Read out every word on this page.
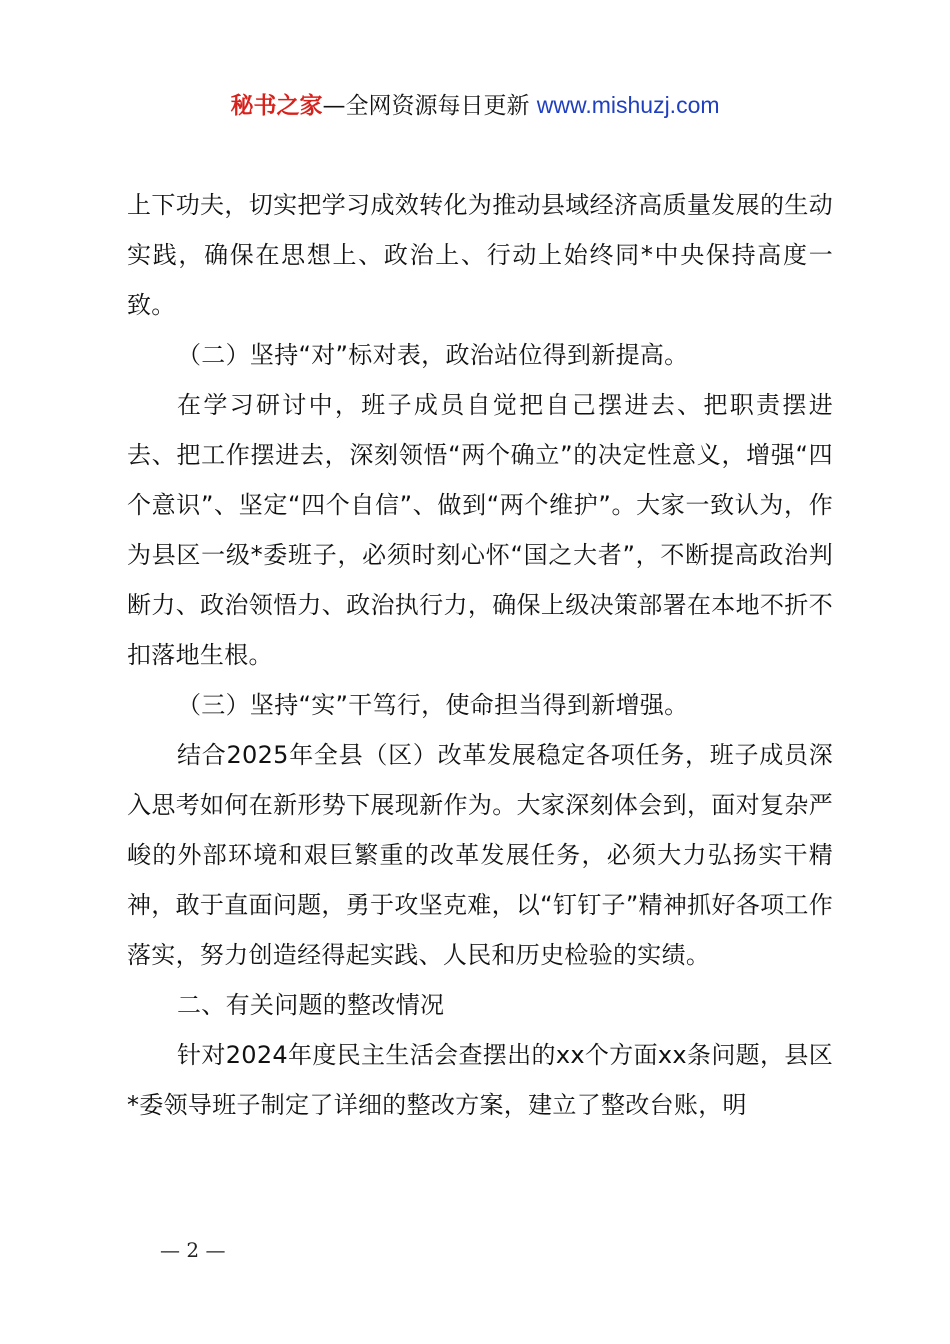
秘书之家—全网资源每日更新 www.mishuzj.com

上下功夫，切实把学习成效转化为推动县域经济高质量发展的生动实践，确保在思想上、政治上、行动上始终同*中央保持高度一致。

（二）坚持“对”标对表，政治站位得到新提高。

在学习研讨中，班子成员自觉把自己摆进去、把职责摆进去、把工作摆进去，深刻领悟“两个确立”的决定性意义，增强“四个意识”、坚定“四个自信”、做到“两个维护”。大家一致认为，作为县区一级*委班子，必须时刻心怀“国之大者”，不断提高政治判断力、政治领悟力、政治执行力，确保上级决策部署在本地不折不扣落地生根。

（三）坚持“实”干笃行，使命担当得到新增强。

结合2025年全县（区）改革发展稳定各项任务，班子成员深入思考如何在新形势下展现新作为。大家深刻体会到，面对复杂严峻的外部环境和艰巨繁重的改革发展任务，必须大力弘扬实干精神，敢于直面问题，勇于攻坚克难，以“钉钉子”精神抓好各项工作落实，努力创造经得起实践、人民和历史检验的实绩。

二、有关问题的整改情况

针对2024年度民主生活会查摆出的xx个方面xx条问题，县区*委领导班子制定了详细的整改方案，建立了整改台账，明

— 2 —
